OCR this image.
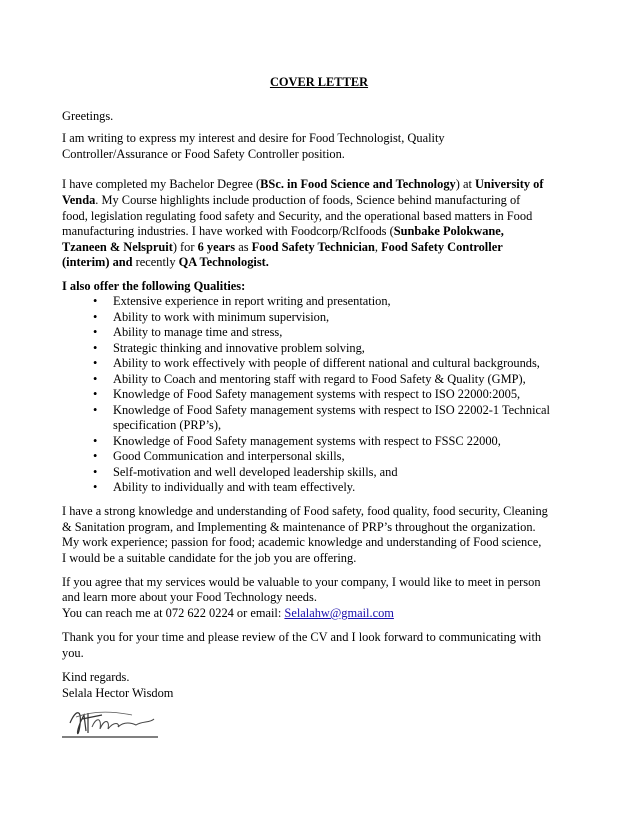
COVER LETTER
Greetings.
I am writing to express my interest and desire for Food Technologist, Quality
Controller/Assurance or Food Safety Controller position.
I have completed my Bachelor Degree (BSc. in Food Science and Technology) at University of
Venda. My Course highlights include production of foods, Science behind manufacturing of
food, legislation regulating food safety and Security, and the operational based matters in Food
manufacturing industries. I have worked with Foodcorp/Rclfoods (Sunbake Polokwane,
Tzaneen & Nelspruit) for 6 years as Food Safety Technician, Food Safety Controller
(interim) and recently QA Technologist.
I also offer the following Qualities:
• Extensive experience in report writing and presentation,
• Ability to work with minimum supervision,
• Ability to manage time and stress,
• Strategic thinking and innovative problem solving,
• Ability to work effectively with people of different national and cultural backgrounds,
• Ability to Coach and mentoring staff with regard to Food Safety & Quality (GMP),
• Knowledge of Food Safety management systems with respect to ISO 22000:2005,
• Knowledge of Food Safety management systems with respect to ISO 22002-1 Technical
specification (PRP’s),
• Knowledge of Food Safety management systems with respect to FSSC 22000,
• Good Communication and interpersonal skills,
• Self-motivation and well developed leadership skills, and
• Ability to individually and with team effectively.
I have a strong knowledge and understanding of Food safety, food quality, food security, Cleaning
& Sanitation program, and Implementing & maintenance of PRP’s throughout the organization.
My work experience; passion for food; academic knowledge and understanding of Food science,
I would be a suitable candidate for the job you are offering.
If you agree that my services would be valuable to your company, I would like to meet in person
and learn more about your Food Technology needs.
You can reach me at 072 622 0224 or email: Selalahw@gmail.com
Thank you for your time and please review of the CV and I look forward to communicating with
you.
Kind regards.
Selala Hector Wisdom
